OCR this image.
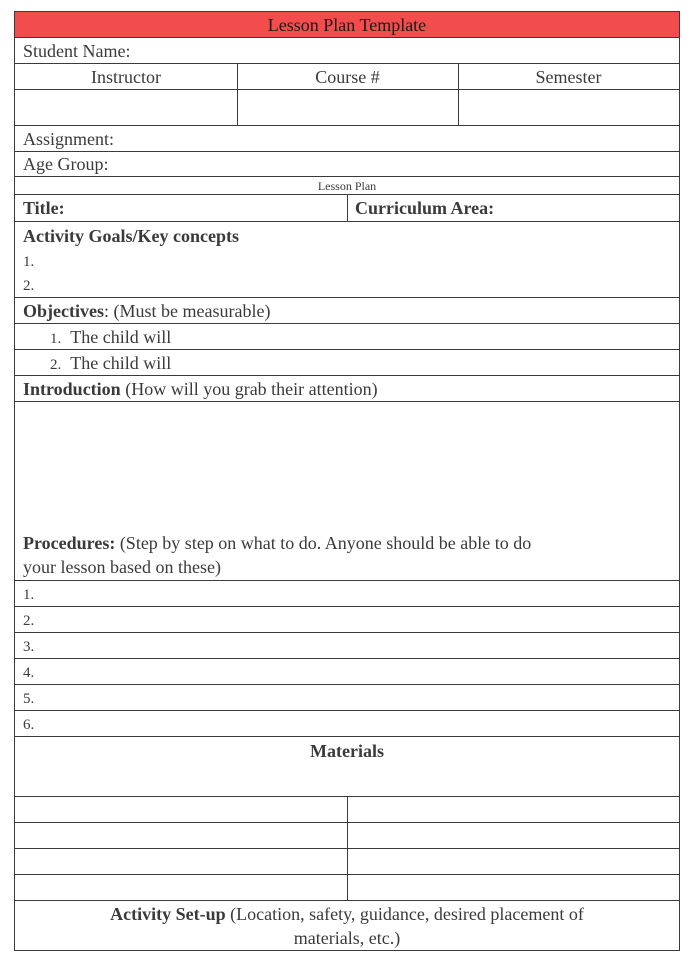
Lesson Plan Template
Student Name:
Instructor	Course #	Semester
Assignment:
Age Group:
Lesson Plan
Title:	Curriculum Area:
Activity Goals/Key concepts
1.
2.
Objectives: (Must be measurable)
1. The child will
2. The child will
Introduction (How will you grab their attention)
Procedures: (Step by step on what to do. Anyone should be able to do
your lesson based on these)
1.
2.
3.
4.
5.
6.
Materials
Activity Set-up (Location, safety, guidance, desired placement of
materials, etc.)
